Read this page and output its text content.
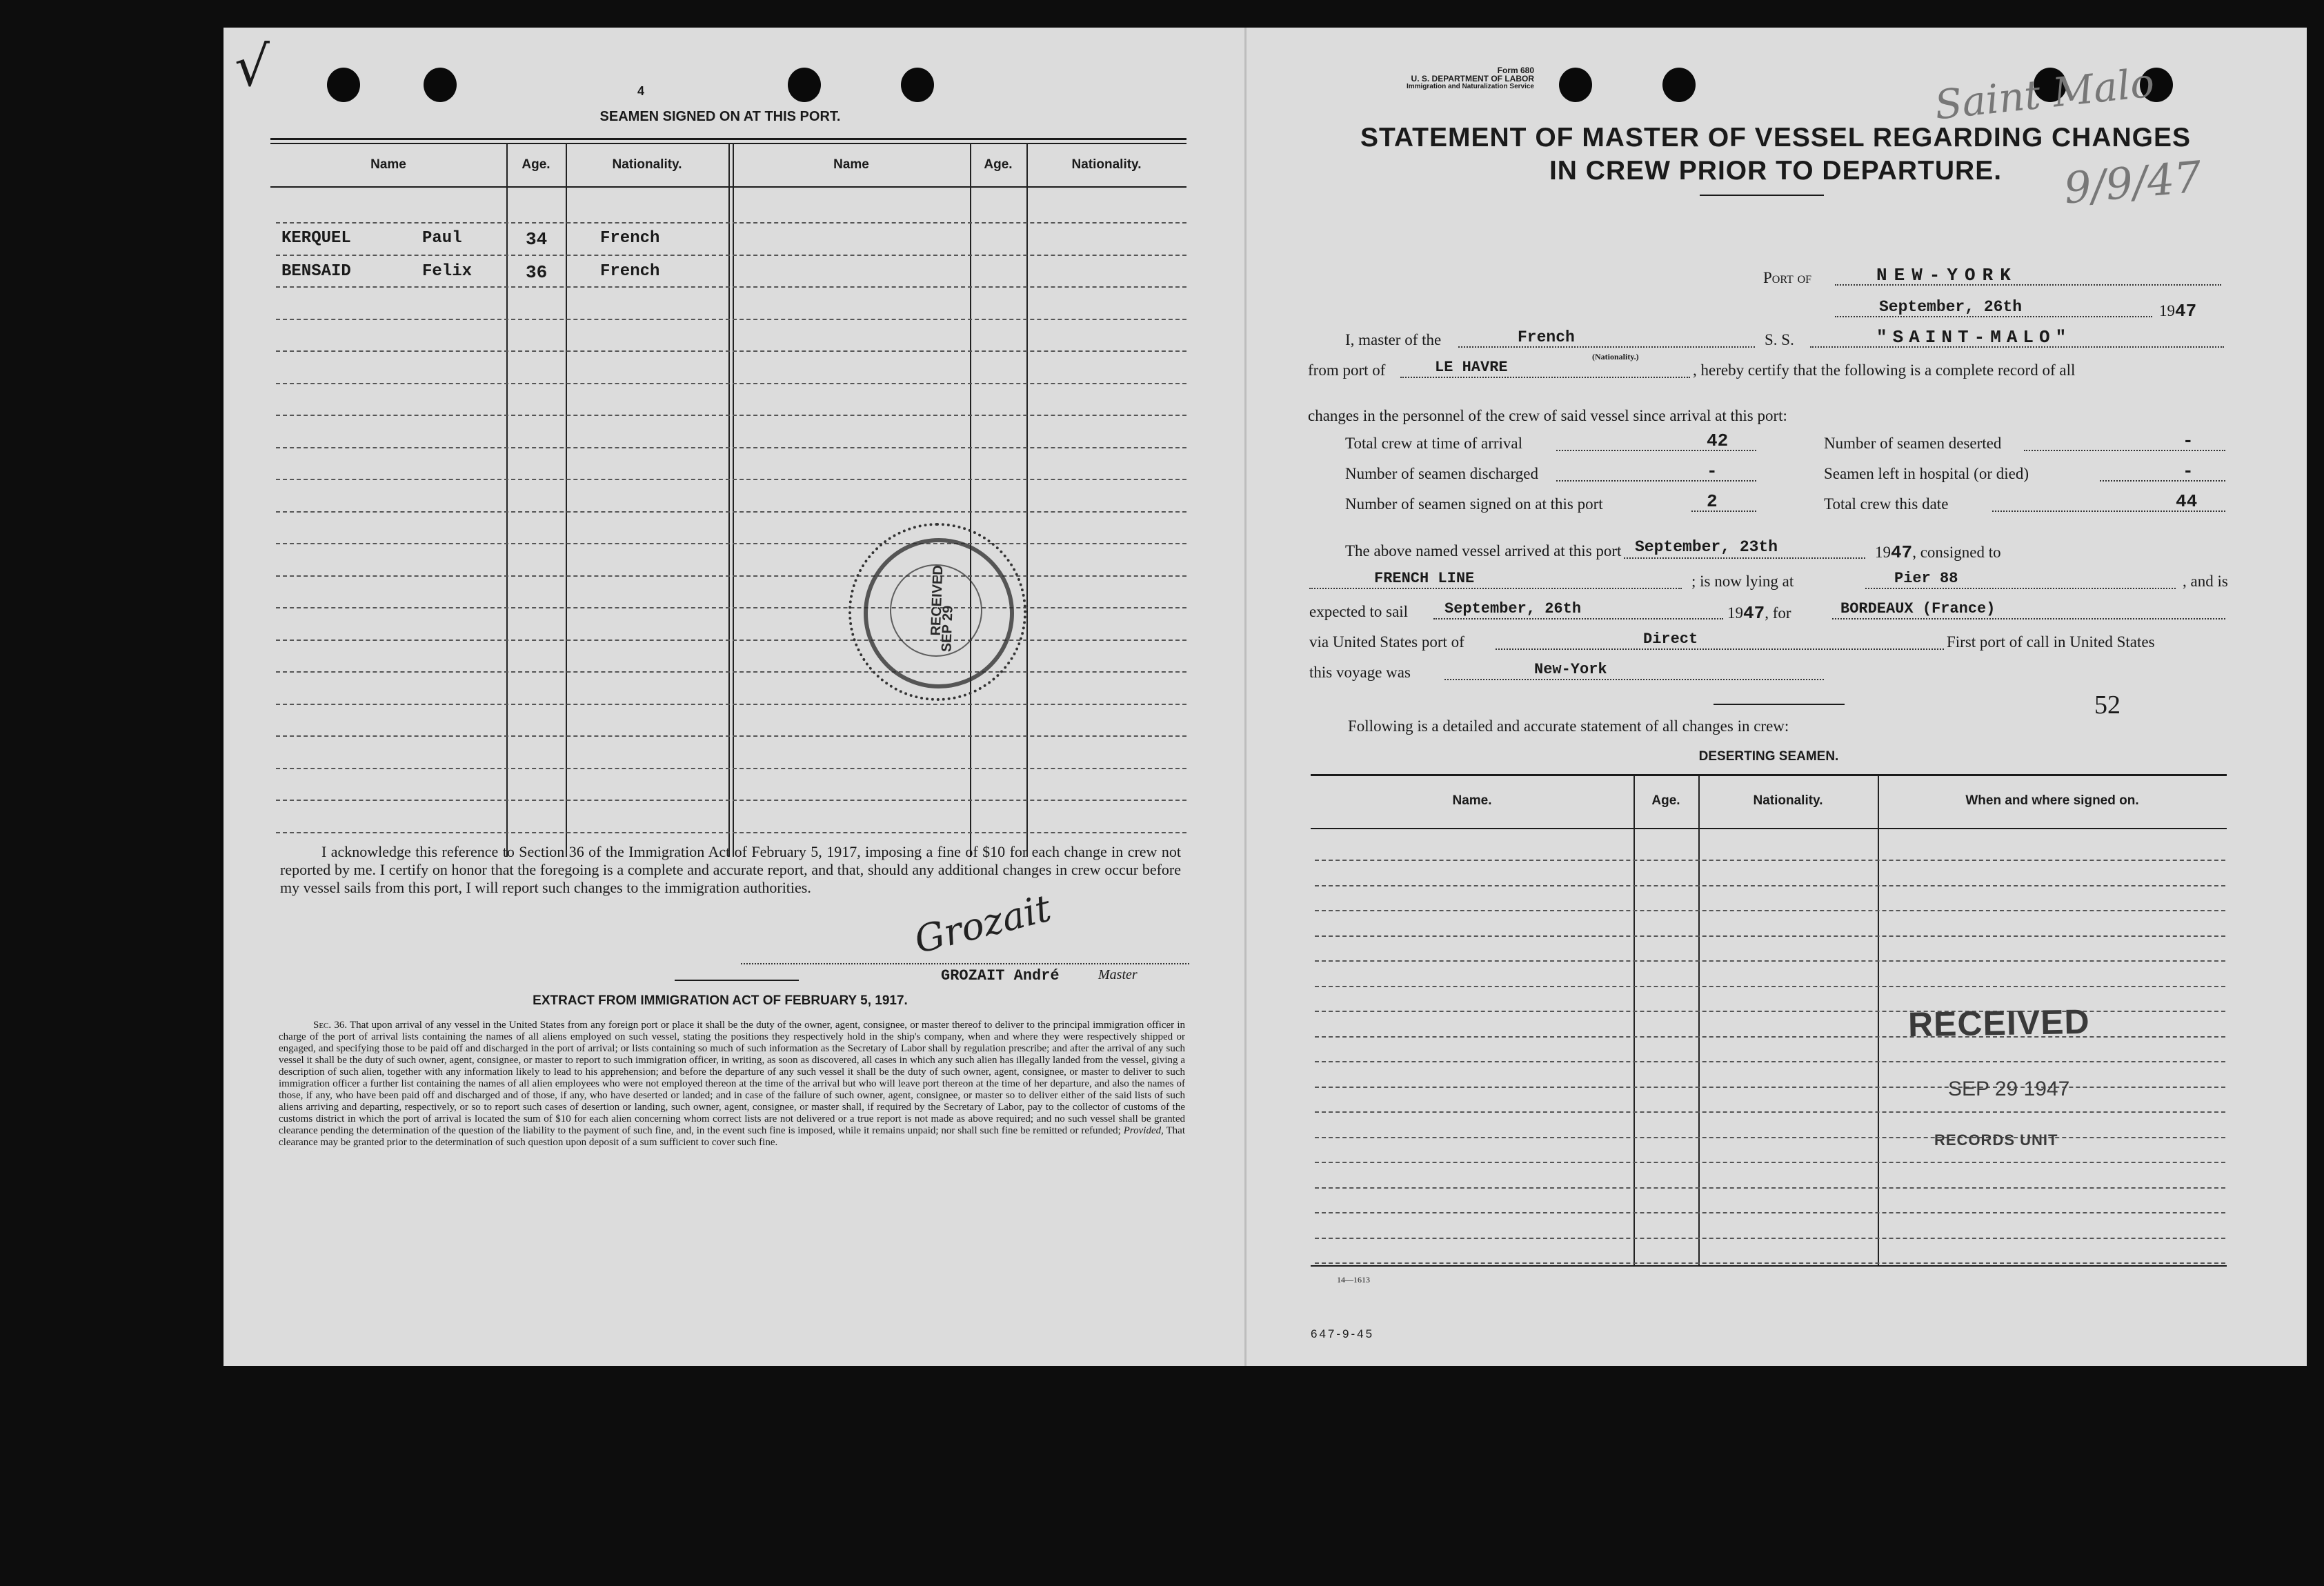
√	4
SEAMEN SIGNED ON AT THIS PORT.
Name	Age.	Nationality.	Name	Age.	Nationality.
KERQUEL	Paul	34	French
BENSAID	Felix	36	French
RECEIVED
SEP 29
I acknowledge this reference to Section 36 of the Immigration Act of February 5, 1917, imposing a fine of $10 for each change in crew not reported by me. I certify on honor that the foregoing is a complete and accurate report, and that, should any additional changes in crew occur before my vessel sails from this port, I will report such changes to the immigration authorities.	Grozait
GROZAIT André	Master
EXTRACT FROM IMMIGRATION ACT OF FEBRUARY 5, 1917.
Sec. 36. That upon arrival of any vessel in the United States from any foreign port or place it shall be the duty of the owner, agent, consignee, or master thereof to deliver to the principal immigration officer in charge of the port of arrival lists containing the names of all aliens employed on such vessel, stating the positions they respectively hold in the ship's company, when and where they were respectively shipped or engaged, and specifying those to be paid off and discharged in the port of arrival; or lists containing so much of such information as the Secretary of Labor shall by regulation prescribe; and after the arrival of any such vessel it shall be the duty of such owner, agent, consignee, or master to report to such immigration officer, in writing, as soon as discovered, all cases in which any such alien has illegally landed from the vessel, giving a description of such alien, together with any information likely to lead to his apprehension; and before the departure of any such vessel it shall be the duty of such owner, agent, consignee, or master to deliver to such immigration officer a further list containing the names of all alien employees who were not employed thereon at the time of the arrival but who will leave port thereon at the time of her departure, and also the names of those, if any, who have been paid off and discharged and of those, if any, who have deserted or landed; and in case of the failure of such owner, agent, consignee, or master so to deliver either of the said lists of such aliens arriving and departing, respectively, or so to report such cases of desertion or landing, such owner, agent, consignee, or master shall, if required by the Secretary of Labor, pay to the collector of customs of the customs district in which the port of arrival is located the sum of $10 for each alien concerning whom correct lists are not delivered or a true report is not made as above required; and no such vessel shall be granted clearance pending the determination of the question of the liability to the payment of such fine, and, in the event such fine is imposed, while it remains unpaid; nor shall such fine be remitted or refunded; Provided, That clearance may be granted prior to the determination of such question upon deposit of a sum sufficient to cover such fine.
Form 680
U. S. DEPARTMENT OF LABOR
Immigration and Naturalization Service	Saint Malo
9/9/47
STATEMENT OF MASTER OF VESSEL REGARDING CHANGES
IN CREW PRIOR TO DEPARTURE.
Port of	NEW-YORK
September, 26th	1947
I, master of the	French
(Nationality.)
S. S.	"SAINT-MALO"
from port of	LE HAVRE	, hereby certify that the following is a complete record of all
changes in the personnel of the crew of said vessel since arrival at this port:
Total crew at time of arrival	42	Number of seamen deserted	-
Number of seamen discharged	-	Seamen left in hospital (or died)	-
Number of seamen signed on at this port	2	Total crew this date	44
The above named vessel arrived at this port September, 23th	1947, consigned to
FRENCH LINE	; is now lying at	Pier 88	, and is
expected to sail September, 26th	1947, for	BORDEAUX (France)
via United States port of	Direct	First port of call in United States
this voyage was	New-York
52
Following is a detailed and accurate statement of all changes in crew:
DESERTING SEAMEN.
Name.	Age.	Nationality.	When and where signed on.
RECEIVED
SEP 29 1947
RECORDS UNIT
14—1613
647-9-45
